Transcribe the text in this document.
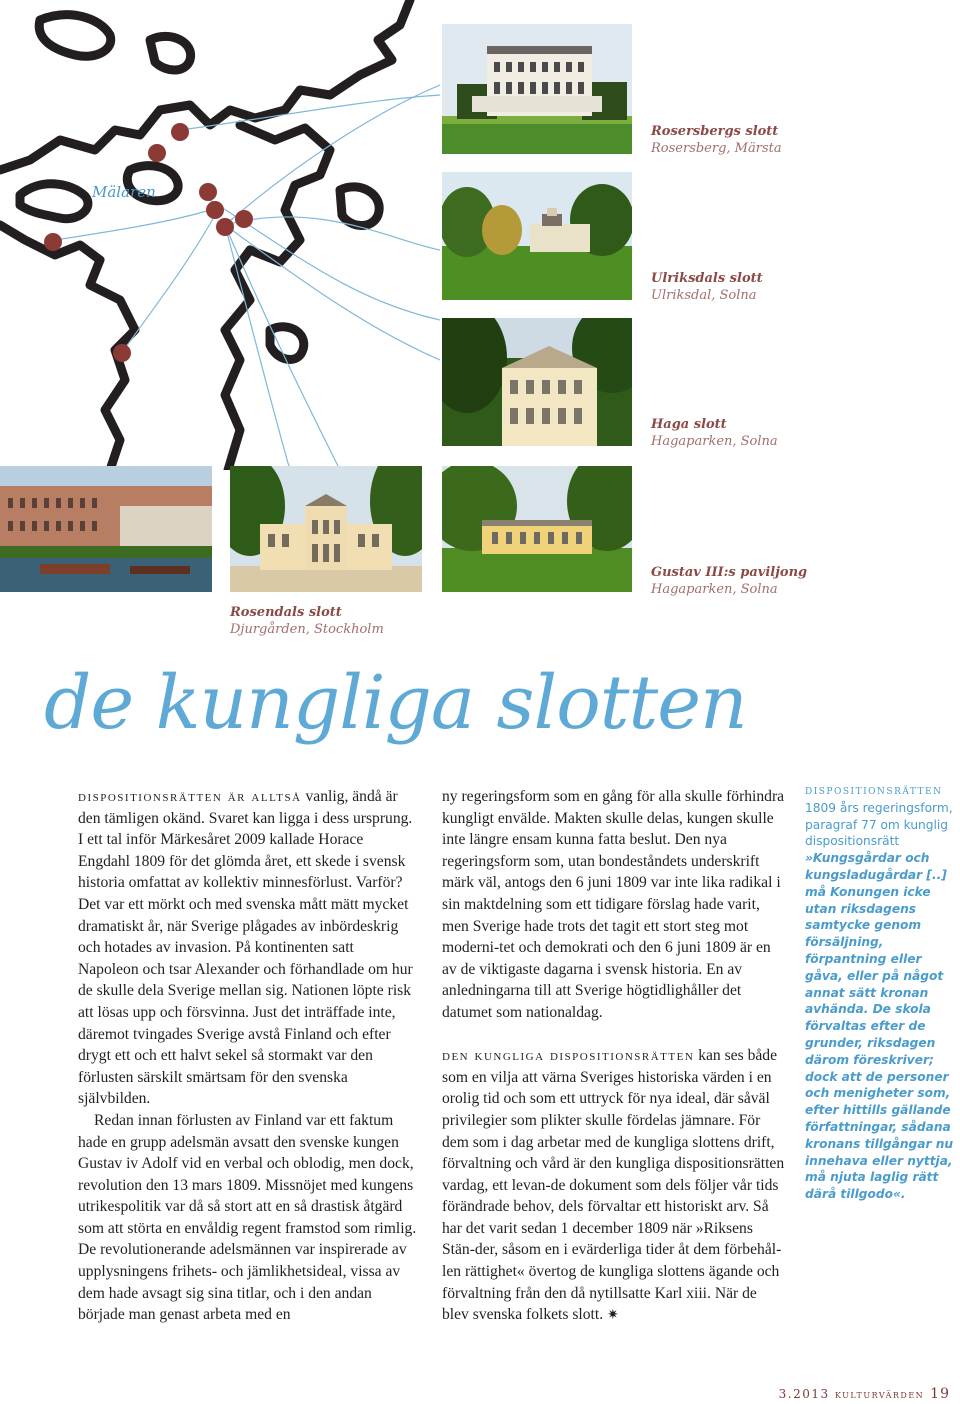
Mälaren
Rosersbergs slott
Rosersberg, Märsta
Ulriksdals slott
Ulriksdal, Solna
Haga slott
Hagaparken, Solna
Gustav III:s paviljong
Hagaparken, Solna
Rosendals slott
Djurgården, Stockholm
de kungliga slotten

dispositionsrätten är alltså vanlig, ändå är den tämligen okänd. Svaret kan ligga i dess ursprung. I ett tal inför Märkesåret 2009 kallade Horace Engdahl 1809 för det glömda året, ett skede i svensk historia omfattat av kollektiv minnesförlust. Varför? Det var ett mörkt och med svenska mått mätt mycket dramatiskt år, när Sverige plågades av inbördeskrig och hotades av invasion. På kontinenten satt Napoleon och tsar Alexander och förhandlade om hur de skulle dela Sverige mellan sig. Nationen löpte risk att lösas upp och försvinna. Just det inträffade inte, däremot tvingades Sverige avstå Finland och efter drygt ett och ett halvt sekel så stormakt var den förlusten särskilt smärtsam för den svenska självbilden.

Redan innan förlusten av Finland var ett faktum hade en grupp adelsmän avsatt den svenske kungen Gustav iv Adolf vid en verbal och oblodig, men dock, revolution den 13 mars 1809. Missnöjet med kungens utrikespolitik var då så stort att en så drastisk åtgärd som att störta en envåldig regent framstod som rimlig. De revolutionerande adelsmännen var inspirerade av upplysningens frihets- och jämlikhetsideal, vissa av dem hade avsagt sig sina titlar, och i den andan började man genast arbeta med en

ny regeringsform som en gång för alla skulle förhindra kungligt envälde. Makten skulle delas, kungen skulle inte längre ensam kunna fatta beslut. Den nya regeringsform som, utan bondeståndets underskrift märk väl, antogs den 6 juni 1809 var inte lika radikal i sin maktdelning som ett tidigare förslag hade varit, men Sverige hade trots det tagit ett stort steg mot moderni-tet och demokrati och den 6 juni 1809 är en av de viktigaste dagarna i svensk historia. En av anledningarna till att Sverige högtidlighåller det datumet som nationaldag.

den kungliga dispositionsrätten kan ses både som en vilja att värna Sveriges historiska värden i en orolig tid och som ett uttryck för nya ideal, där såväl privilegier som plikter skulle fördelas jämnare. För dem som i dag arbetar med de kungliga slottens drift, förvaltning och vård är den kungliga dispositionsrätten vardag, ett levan-de dokument som dels följer vår tids förändrade behov, dels förvaltar ett historiskt arv. Så har det varit sedan 1 december 1809 när »Riksens Stän-der, såsom en i evärderliga tider åt dem förbehål-len rättighet« övertog de kungliga slottens ägande och förvaltning från den då nytillsatte Karl xiii. När de blev svenska folkets slott. ✷

dispositionsrätten
1809 års regeringsform, paragraf 77 om kunglig dispositionsrätt
»Kungsgårdar och kungsladugårdar [..] må Konungen icke utan riksdagens samtycke genom försäljning, förpantning eller gåva, eller på något annat sätt kronan avhända. De skola förvaltas efter de grunder, riksdagen därom föreskriver; dock att de personer och menigheter som, efter hittills gällande författningar, sådana kronans tillgångar nu innehava eller nyttja, må njuta laglig rätt därå tillgodo«.
3.2013 kulturvärden 19
